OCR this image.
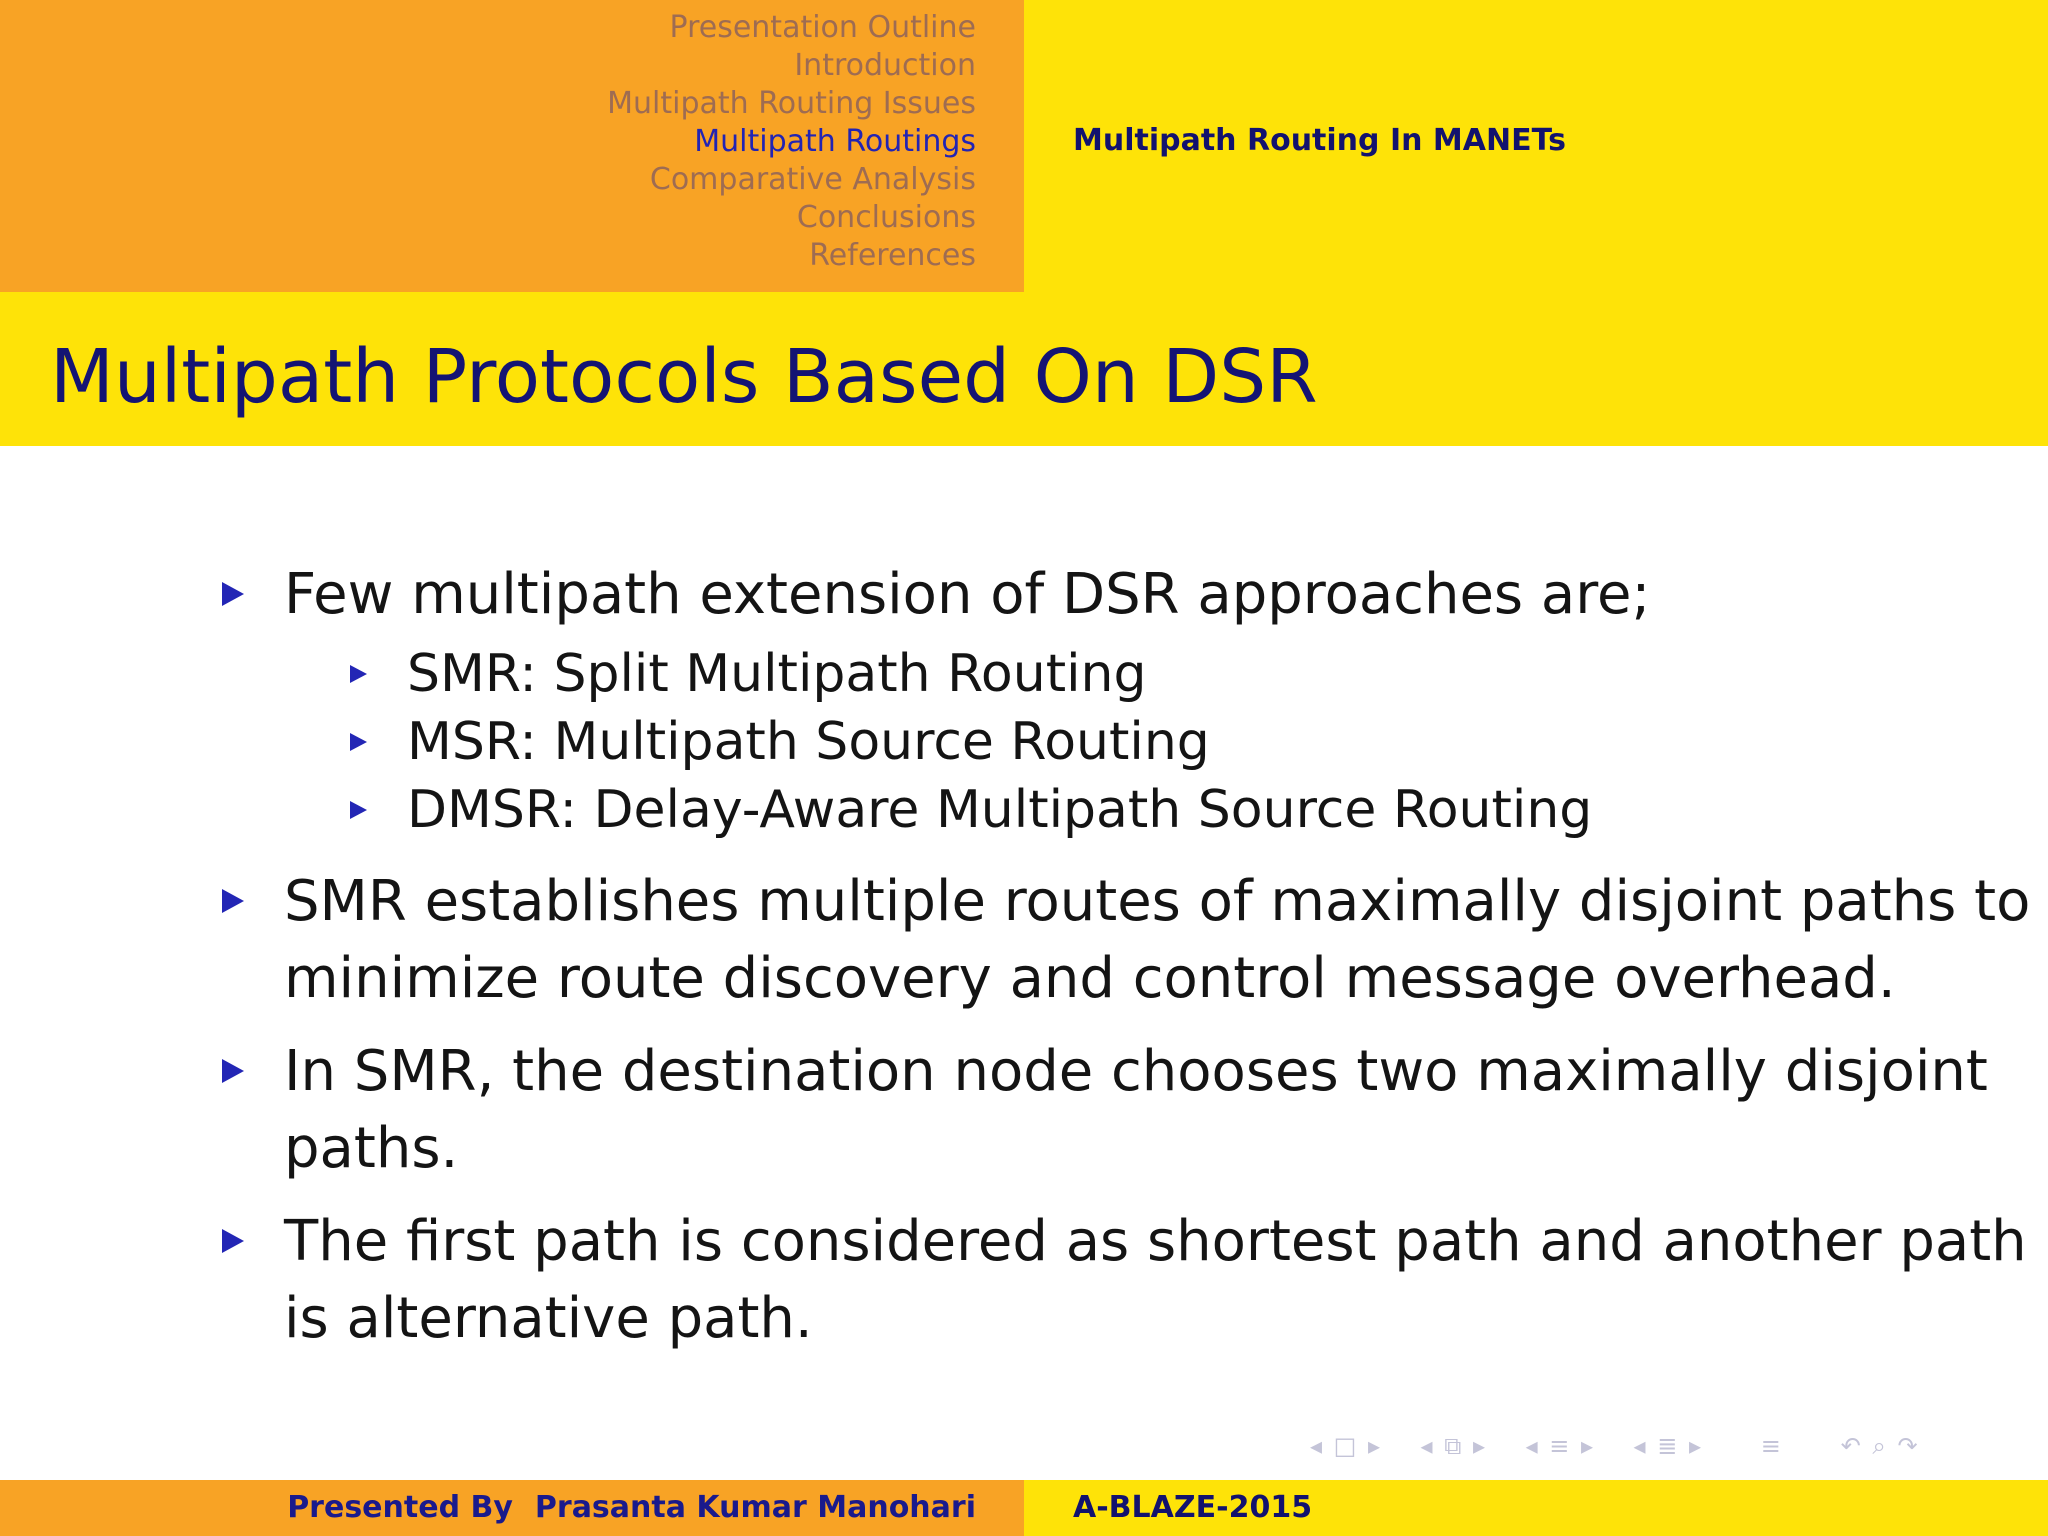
Presentation Outline
Introduction
Multipath Routing Issues
Multipath Routings
Comparative Analysis
Conclusions
References
Multipath Routing In MANETs
Multipath Protocols Based On DSR
Few multipath extension of DSR approaches are;
SMR: Split Multipath Routing
MSR: Multipath Source Routing
DMSR: Delay-Aware Multipath Source Routing
SMR establishes multiple routes of maximally disjoint paths to
minimize route discovery and control message overhead.
In SMR, the destination node chooses two maximally disjoint
paths.
The first path is considered as shortest path and another path
is alternative path.
◂ □ ▸ ◂ ⧉ ▸ ◂ ≡ ▸ ◂ ≣ ▸ ≡ ↶ ⌕ ↷
Presented By Prasanta Kumar Manohari	A-BLAZE-2015
